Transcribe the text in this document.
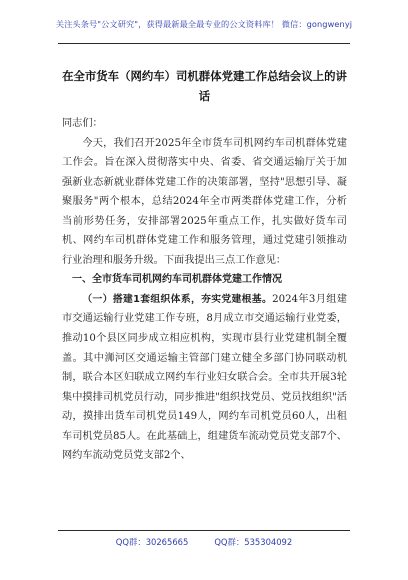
关注头条号"公文研究"，获得最新最全最专业的公文资料库！ 微信：gongwenyj
在全市货车（网约车）司机群体党建工作总结会议上的讲话

同志们：

今天，我们召开2025年全市货车司机网约车司机群体党建工作会。旨在深入贯彻落实中央、省委、省交通运输厅关于加强新业态新就业群体党建工作的决策部署，坚持"思想引导、凝聚服务"两个根本，总结2024年全市两类群体党建工作，分析当前形势任务，安排部署2025年重点工作，扎实做好货车司机、网约车司机群体党建工作和服务管理，通过党建引领推动行业治理和服务升级。下面我提出三点工作意见：

一、全市货车司机网约车司机群体党建工作情况

（一）搭建1套组织体系，夯实党建根基。2024年3月组建市交通运输行业党建工作专班，8月成立市交通运输行业党委，推动10个县区同步成立相应机构，实现市县行业党建机制全覆盖。其中浉河区交通运输主管部门建立健全多部门协同联动机制，联合本区妇联成立网约车行业妇女联合会。全市共开展3轮集中摸排司机党员行动，同步推进"组织找党员、党员找组织"活动，摸排出货车司机党员149人，网约车司机党员60人，出租车司机党员85人。在此基础上，组建货车流动党员党支部7个、网约车流动党员党支部2个、

QQ群：30265665	QQ群：535304092
